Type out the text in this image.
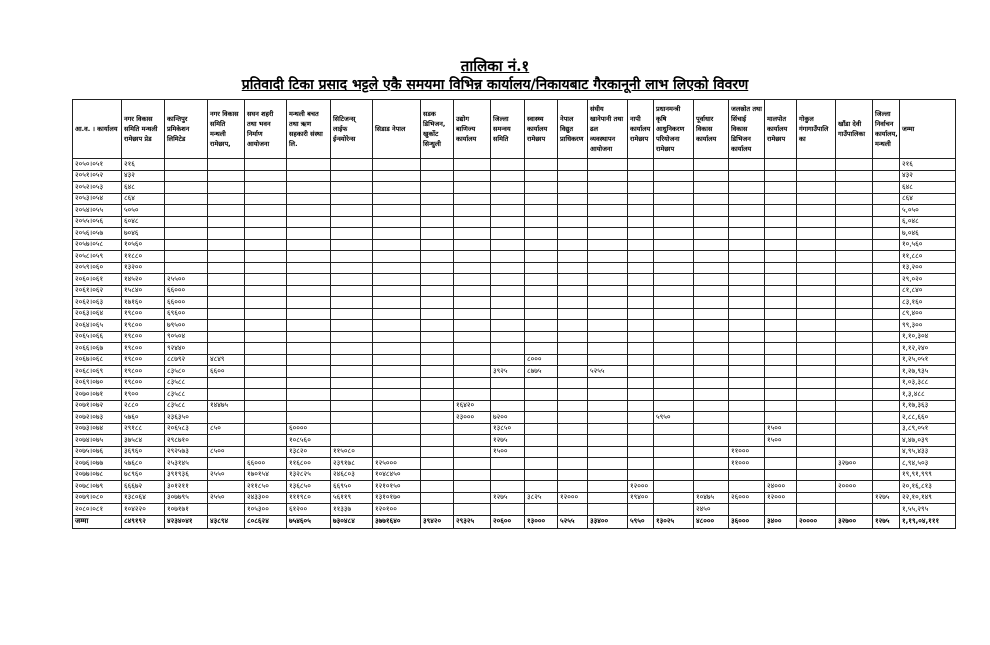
तालिका नं.१
प्रतिवादी टिका प्रसाद भट्टले एकै समयमा विभिन्न कार्यालय/निकायबाट गैरकानूनी लाभ लिएको विवरण
आ.व. । कार्यालय	नगर विकास समिति मन्थली रामेछाप प्रेड	कान्तिपुर प्रमिकेशन लिमिटेड	नगर विकास समिति मन्थली रामेछाप,	सघन शहरी तथा भवन निर्माण आयोजना	मन्थली बचत तथा ऋण सहकारी संस्था लि.	सिटिजन्स् लाईफ ईन्स्योरेन्स	सिडाड नेपाल	सडक डिभिजन, खुर्कोट सिन्धुली	उद्योग बाणिज्य कार्यालय	जिल्ला समन्वय समिति	स्वास्थ्य कार्यालय रामेछाप	नेपाल विद्युत प्राधिकरण	संघीय खानेपानी तथा ढल व्यवस्थापन आयोजना	नापी कार्यालय रामेछाप	प्रधानमन्त्री कृषि आधुनिकरण परियोजना रामेछाप	पूर्वाधार विकास कार्यालय	जलस्रोत तथा सिंचाई विकास डिभिजन कार्यालय	मालपोत कार्यालय रामेछाप	गोकुल गंगागाउँपालि का	खाँडा देवी गाउँपालिका	जिल्ला निर्वाचन कार्यालय, मन्थली	जम्मा
२०५०।०५१	२१६																					२१६
२०५१।०५२	४३२																					४३२
२०५२।०५३	६४८																					६४८
२०५३।०५४	८६४																					८६४
२०५४।०५५	५०५०																					५,०५०
२०५५।०५६	६०४८																					६,०४८
२०५६।०५७	७०४६																					७,०४६
२०५७।०५८	१०५६०																					१०,५६०
२०५८।०५९	११८८०																					११,८८०
२०५९।०६०	१३२००																					१३,२००
२०६०।०६१	१४५२०	२५५००																				२९,०२०
२०६१।०६२	१५८४०	६६०००																				८१,८४०
२०६२।०६३	१७१६०	६६०००																				८३,१६०
२०६३।०६४	१९८००	६९६००																				८९,४००
२०६४।०६५	१९८००	७९५००																				९९,३००
२०६५।०६६	१९८००	९०५०४																				१,१०,३०४
२०६६।०६७	१९८००	९२४४०																				१,१२,२४०
२०६७।०६८	१९८००	८८७९२	४८४९								८०००											१,२५,०५१
२०६८।०६९	१९८००	८३५८०	६६००							३९२५	८७७५		५२५५									१,२७,९३५
२०६९।०७०	१९८००	८३५८८																				१,०३,३८८
२०७०।०७१	१९००	८३५८८																				१,३,४८८
२०७१।०७२	२८८०	८३५८८	१४४७५						१६४२०													१,१७,३६३
२०७२।०७३	५७६०	२३६३५०							२३०००	७२००					५९५०							२,८८,६६०
२०७३।०७४	२९१८८	२०६५८३	८५०		६००००					१३८५०								१५००				३,८९,०५१
२०७४।०७५	३७५८४	२९८७१०			१०८५६०					१२७५								१५००				४,४७,०३९
२०७५।०७६	३६९६०	२९२५७३	८५००		१३८२०	११५०८०				१५००							११०००					४,९५,४३३
२०७६।०७७	५७६८०	२५३१४५		६६०००	११६८००	२३९१७८	१२५०००										११०००			३२७००		८,९४,५०३
२०७७।०७८	७८९६०	३९१९३६	२५५०	१७०१५४	१३२८२५	२४६८०३	१०४८४५०															१९,९१,९९९
२०७८।०७९	६६६७२	३०१२११		२११८५०	१३६८५०	६६९५०	१२१०१५०							१२०००				२४०००		२००००		२०,१६,८१३
२०७९।०८०	१३८०६४	३०७७९५	२५५०	२४३३००	१११९८०	५६११९	१३१०१७०			१२७५	३८२५	१२०००		१९४००		१०४७५	२६०००	१२०००			१२७५	२२,१०,१४९
२०८०।०८१	१०४२२०	१०७१७१		१०५३००	६१२००	११३३७	१२०१००									२४५०						१,५५,२९५
जम्मा	८४९१९२	४२३४०४१	४३८९४	८०८६२४	७५४६०५	७३०४८४	३७७१६४०	३९४२०	२९३२५	२०६००	१३०००	५२५५	३३४००	५९५०	१३०२५	४८०००	३६०००	३४००	२००००	३२७००	१२७५	१,१९,०४,१११
